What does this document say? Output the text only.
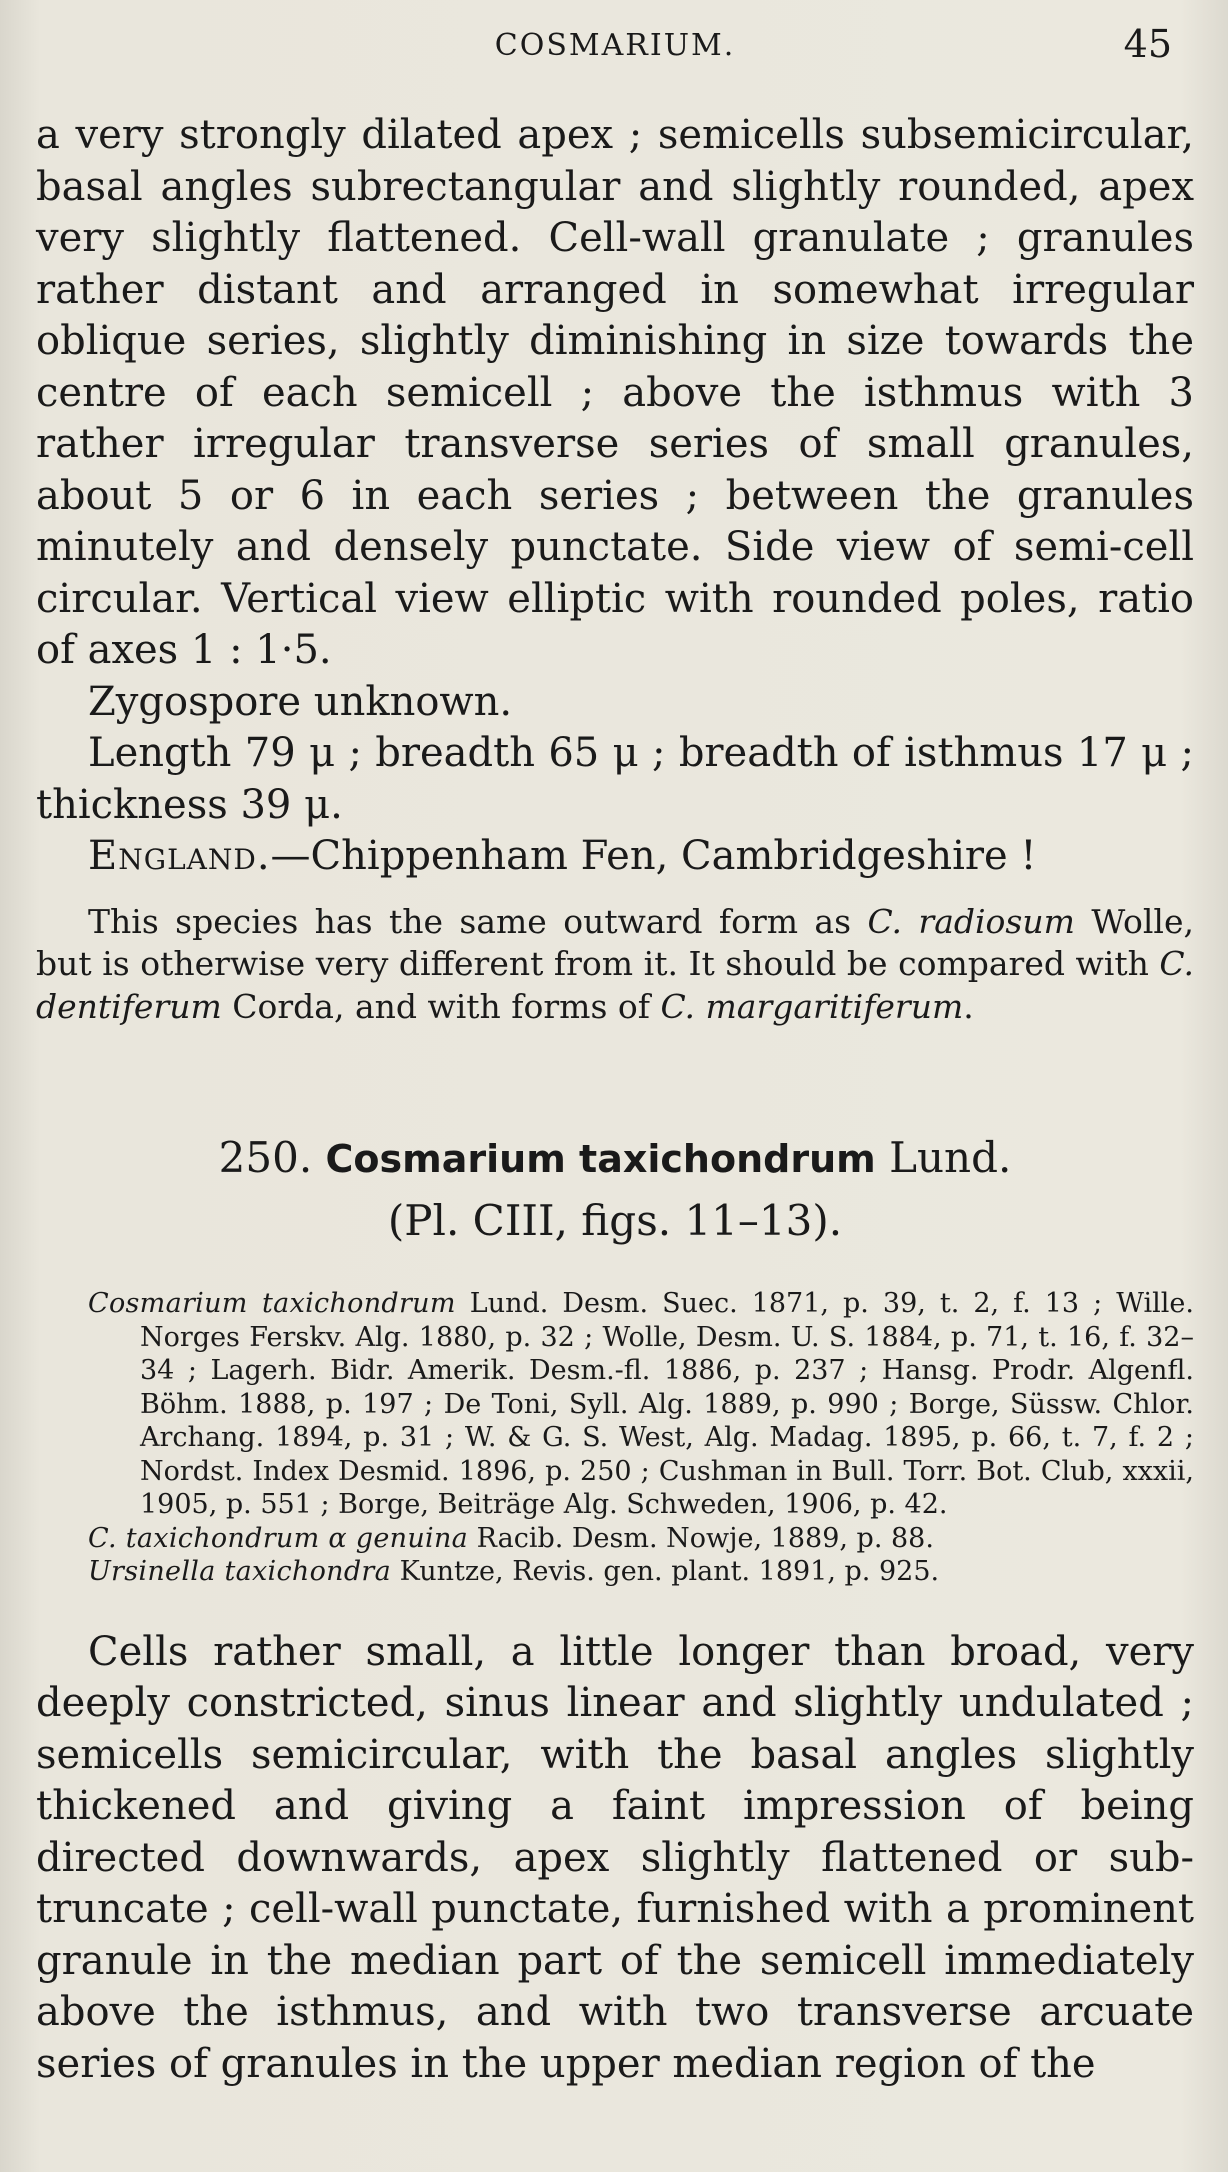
COSMARIUM.	45

a very strongly dilated apex ; semicells subsemicircular, basal angles subrectangular and slightly rounded, apex very slightly flattened. Cell-wall granulate ; granules rather distant and arranged in somewhat irregular oblique series, slightly diminishing in size towards the centre of each semicell ; above the isthmus with 3 rather irregular transverse series of small granules, about 5 or 6 in each series ; between the granules minutely and densely punctate. Side view of semi-cell circular. Vertical view elliptic with rounded poles, ratio of axes 1 : 1·5.

Zygospore unknown.

Length 79 μ ; breadth 65 μ ; breadth of isthmus 17 μ ; thickness 39 μ.

England.—Chippenham Fen, Cambridgeshire !

This species has the same outward form as C. radiosum Wolle, but is otherwise very different from it. It should be compared with C. dentiferum Corda, and with forms of C. margaritiferum.

250. Cosmarium taxichondrum Lund.
(Pl. CIII, figs. 11–13).
Cosmarium taxichondrum Lund. Desm. Suec. 1871, p. 39, t. 2, f. 13 ; Wille. Norges Ferskv. Alg. 1880, p. 32 ; Wolle, Desm. U. S. 1884, p. 71, t. 16, f. 32–34 ; Lagerh. Bidr. Amerik. Desm.-fl. 1886, p. 237 ; Hansg. Prodr. Algenfl. Böhm. 1888, p. 197 ; De Toni, Syll. Alg. 1889, p. 990 ; Borge, Süssw. Chlor. Archang. 1894, p. 31 ; W. & G. S. West, Alg. Madag. 1895, p. 66, t. 7, f. 2 ; Nordst. Index Desmid. 1896, p. 250 ; Cushman in Bull. Torr. Bot. Club, xxxii, 1905, p. 551 ; Borge, Beiträge Alg. Schweden, 1906, p. 42.
C. taxichondrum α genuina Racib. Desm. Nowje, 1889, p. 88.
Ursinella taxichondra Kuntze, Revis. gen. plant. 1891, p. 925.

Cells rather small, a little longer than broad, very deeply constricted, sinus linear and slightly undulated ; semicells semicircular, with the basal angles slightly thickened and giving a faint impression of being directed downwards, apex slightly flattened or sub-truncate ; cell-wall punctate, furnished with a prominent granule in the median part of the semicell immediately above the isthmus, and with two transverse arcuate series of granules in the upper median region of the
